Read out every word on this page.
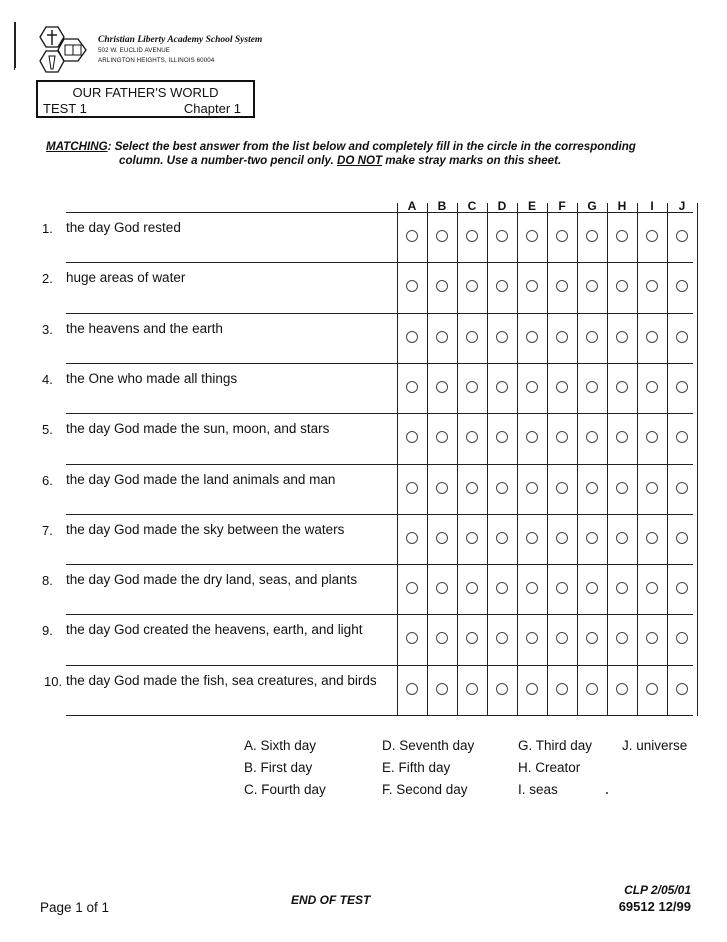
Christian Liberty Academy School System
502 W. EUCLID AVENUE
ARLINGTON HEIGHTS, ILLINOIS 60004
OUR FATHER'S WORLD
TEST 1	Chapter 1
MATCHING: Select the best answer from the list below and completely fill in the circle in the corresponding
column. Use a number-two pencil only. DO NOT make stray marks on this sheet.
A	B	C	D	E	F	G	H	I	J
1. the day God rested
2. huge areas of water
3. the heavens and the earth
4. the One who made all things
5. the day God made the sun, moon, and stars
6. the day God made the land animals and man
7. the day God made the sky between the waters
8. the day God made the dry land, seas, and plants
9. the day God created the heavens, earth, and light
10. the day God made the fish, sea creatures, and birds
A. Sixth day
B. First day
C. Fourth day
D. Seventh day
E. Fifth day
F. Second day
G. Third day
H. Creator
I. seas
J. universe
Page 1 of 1	END OF TEST
CLP 2/05/01
69512 12/99
